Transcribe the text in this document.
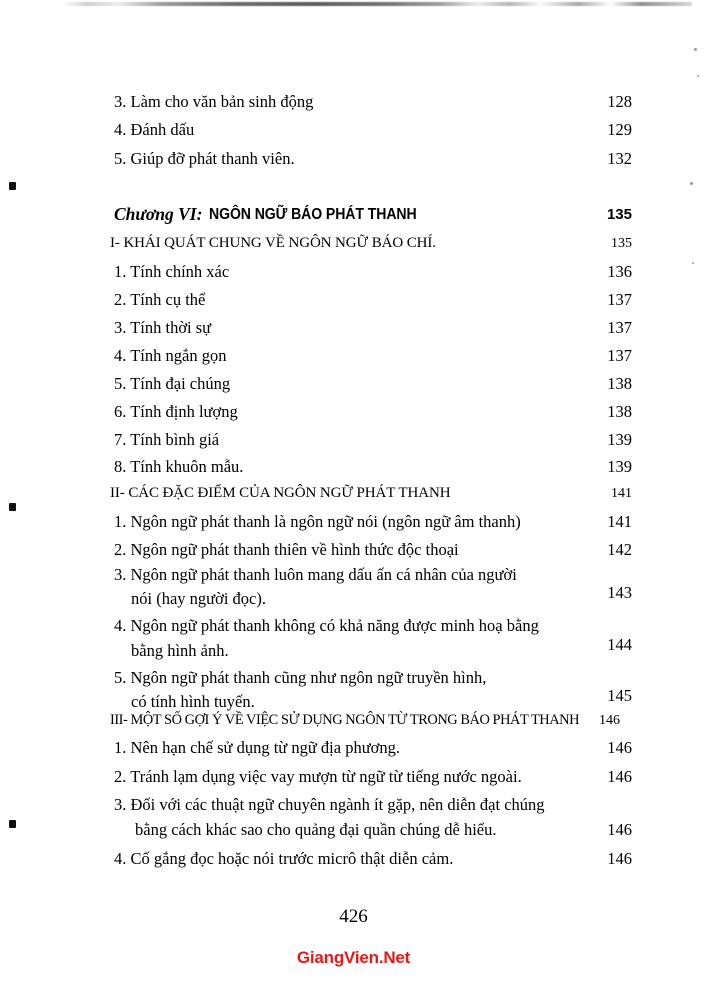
3. Làm cho văn bản sinh động	128
4. Đánh dấu	129
5. Giúp đỡ phát thanh viên.	132
Chương VI: NGÔN NGỮ BÁO PHÁT THANH	135
I- KHÁI QUÁT CHUNG VỀ NGÔN NGỮ BÁO CHÍ.	135
1. Tính chính xác	136
2. Tính cụ thể	137
3. Tính thời sự	137
4. Tính ngắn gọn	137
5. Tính đại chúng	138
6. Tính định lượng	138
7. Tính bình giá	139
8. Tính khuôn mẫu.	139
II- CÁC ĐẶC ĐIỂM CỦA NGÔN NGỮ PHÁT THANH	141
1. Ngôn ngữ phát thanh là ngôn ngữ nói (ngôn ngữ âm thanh)	141
2. Ngôn ngữ phát thanh thiên về hình thức độc thoại	142
3. Ngôn ngữ phát thanh luôn mang dấu ấn cá nhân của người
nói (hay người đọc).	143
4. Ngôn ngữ phát thanh không có khả năng được minh hoạ bằng
bằng hình ảnh.	144
5. Ngôn ngữ phát thanh cũng như ngôn ngữ truyền hình,
có tính hình tuyến.	145
III- MỘT SỐ GỢI Ý VỀ VIỆC SỬ DỤNG NGÔN TỪ TRONG BÁO PHÁT THANH	146
1. Nên hạn chế sử dụng từ ngữ địa phương.	146
2. Tránh lạm dụng việc vay mượn từ ngữ từ tiếng nước ngoài.	146
3. Đối với các thuật ngữ chuyên ngành ít gặp, nên diễn đạt chúng
bằng cách khác sao cho quảng đại quần chúng dễ hiểu.	146
4. Cố gắng đọc hoặc nói trước micrô thật diễn cảm.	146
426
GiangVien.Net
